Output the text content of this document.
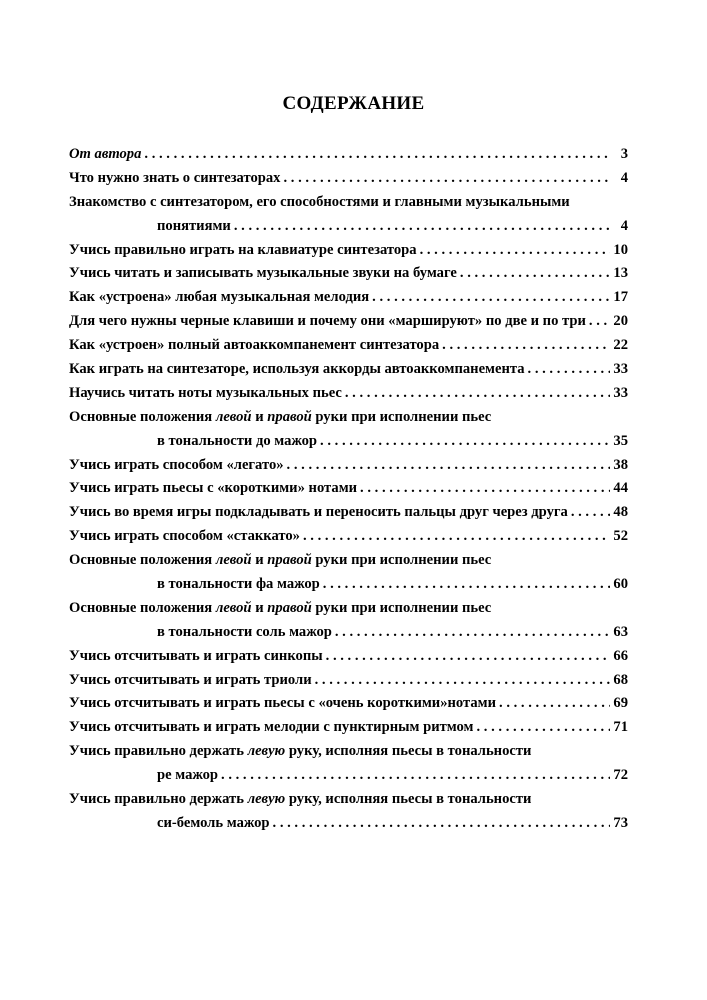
СОДЕРЖАНИЕ
От автора . . .	3
Что нужно знать о синтезаторах . . .	4
Знакомство с синтезатором, его способностями и главными музыкальными
понятиями . . .	4
Учись правильно играть на клавиатуре синтезатора . . .	10
Учись читать и записывать музыкальные звуки на бумаге . . .	13
Как «устроена» любая музыкальная мелодия . . .	17
Для чего нужны черные клавиши и почему они «маршируют» по две и по три . . . 20
Как «устроен» полный автоаккомпанемент синтезатора . . .	22
Как играть на синтезаторе, используя аккорды автоаккомпанемента . . .	33
Научись читать ноты музыкальных пьес . . .	33
Основные положения левой и правой руки при исполнении пьес
в тональности до мажор . . .	35
Учись играть способом «легато» . . .	38
Учись играть пьесы с «короткими» нотами . . .	44
Учись во время игры подкладывать и переносить пальцы друг через друга . . .	48
Учись играть способом «стаккато» . . .	52
Основные положения левой и правой руки при исполнении пьес
в тональности фа мажор . . .	60
Основные положения левой и правой руки при исполнении пьес
в тональности соль мажор . . .	63
Учись отсчитывать и играть синкопы . . .	66
Учись отсчитывать и играть триоли . . .	68
Учись отсчитывать и играть пьесы с «очень короткими»нотами . . .	69
Учись отсчитывать и играть мелодии с пунктирным ритмом . . .	71
Учись правильно держать левую руку, исполняя пьесы в тональности
ре мажор . . .	72
Учись правильно держать левую руку, исполняя пьесы в тональности
си-бемоль мажор . . .	73
